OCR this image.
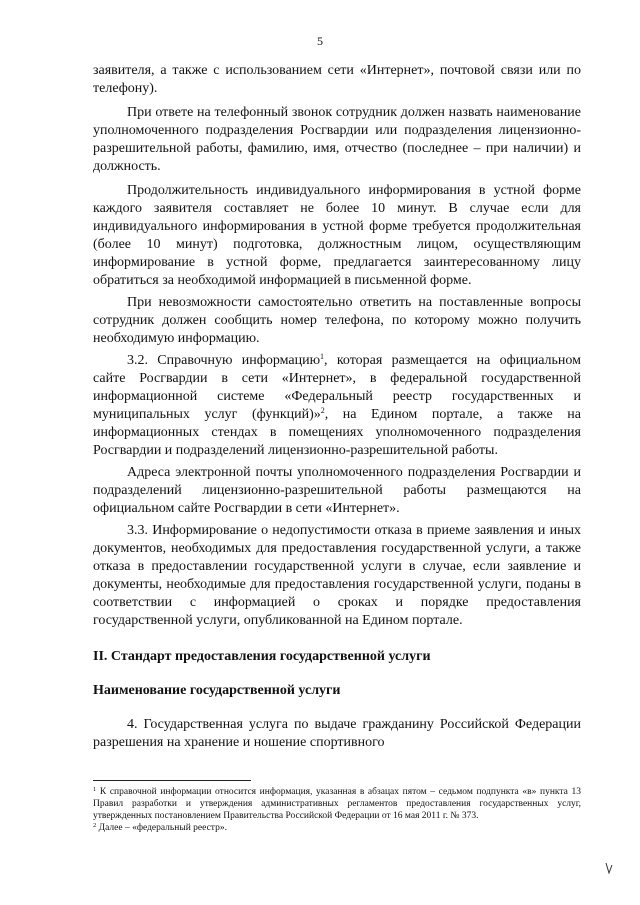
5

заявителя, а также с использованием сети «Интернет», почтовой связи или по телефону).

При ответе на телефонный звонок сотрудник должен назвать наименование уполномоченного подразделения Росгвардии или подразделения лицензионно-разрешительной работы, фамилию, имя, отчество (последнее – при наличии) и должность.

Продолжительность индивидуального информирования в устной форме каждого заявителя составляет не более 10 минут. В случае если для индивидуального информирования в устной форме требуется продолжительная (более 10 минут) подготовка, должностным лицом, осуществляющим информирование в устной форме, предлагается заинтересованному лицу обратиться за необходимой информацией в письменной форме.

При невозможности самостоятельно ответить на поставленные вопросы сотрудник должен сообщить номер телефона, по которому можно получить необходимую информацию.

3.2. Справочную информацию$^1$, которая размещается на официальном сайте Росгвардии в сети «Интернет», в федеральной государственной информационной системе «Федеральный реестр государственных и муниципальных услуг (функций)»$^2$, на Едином портале, а также на информационных стендах в помещениях уполномоченного подразделения Росгвардии и подразделений лицензионно-разрешительной работы.

Адреса электронной почты уполномоченного подразделения Росгвардии и подразделений лицензионно-разрешительной работы размещаются на официальном сайте Росгвардии в сети «Интернет».

3.3. Информирование о недопустимости отказа в приеме заявления и иных документов, необходимых для предоставления государственной услуги, а также отказа в предоставлении государственной услуги в случае, если заявление и документы, необходимые для предоставления государственной услуги, поданы в соответствии с информацией о сроках и порядке предоставления государственной услуги, опубликованной на Едином портале.

II. Стандарт предоставления государственной услуги

Наименование государственной услуги

4. Государственная услуга по выдаче гражданину Российской Федерации разрешения на хранение и ношение спортивного

$^1$ К справочной информации относится информация, указанная в абзацах пятом – седьмом подпункта «в» пункта 13 Правил разработки и утверждения административных регламентов предоставления государственных услуг, утвержденных постановлением Правительства Российской Федерации от 16 мая 2011 г. № 373.

$^2$ Далее – «федеральный реестр».
